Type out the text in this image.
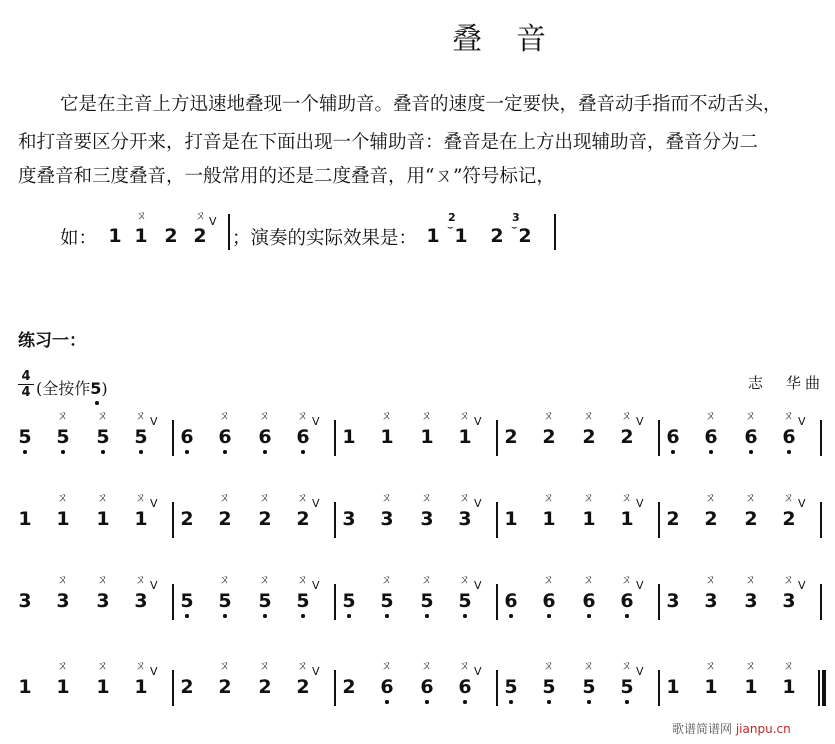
叠　音
它是在主音上方迅速地叠现一个辅助音。叠音的速度一定要快，叠音动手指而不动舌头，
和打音要区分开来，打音是在下面出现一个辅助音：叠音是在上方出现辅助音，叠音分为二
度叠音和三度叠音，一般常用的还是二度叠音，用“ㄡ”符号标记，
如： 1 1
ㄡ
2 2
ㄡ V
；演奏的实际效果是： 1 1
2
⌣ 2 2
3
⌣
练习一：
4
4 (全按作5
)	志　华曲
5 5
ㄡ
5
ㄡ
5
ㄡ V
6 6
ㄡ
6
ㄡ
6
ㄡ V
1 1
ㄡ
1
ㄡ
1
ㄡ V
2 2
ㄡ
2
ㄡ
2
ㄡ V
6 6
ㄡ
6
ㄡ
6
ㄡ V
1 1
ㄡ
1
ㄡ
1
ㄡ V
2 2
ㄡ
2
ㄡ
2
ㄡ V
3 3
ㄡ
3
ㄡ
3
ㄡ V
1 1
ㄡ
1
ㄡ
1
ㄡ V
2 2
ㄡ
2
ㄡ
2
ㄡ V
3 3
ㄡ
3
ㄡ
3
ㄡ V
5 5
ㄡ
5
ㄡ
5
ㄡ V
5 5
ㄡ
5
ㄡ
5
ㄡ V
6 6
ㄡ
6
ㄡ
6
ㄡ V
3 3
ㄡ
3
ㄡ
3
ㄡ V
1 1
ㄡ
1
ㄡ
1
ㄡ V
2 2
ㄡ
2
ㄡ
2
ㄡ V
2 6
ㄡ
6
ㄡ
6
ㄡ V
5 5
ㄡ
5
ㄡ
5
ㄡ V
1 1
ㄡ
1
ㄡ
1
ㄡ
歌谱简谱网 jianpu.cn
